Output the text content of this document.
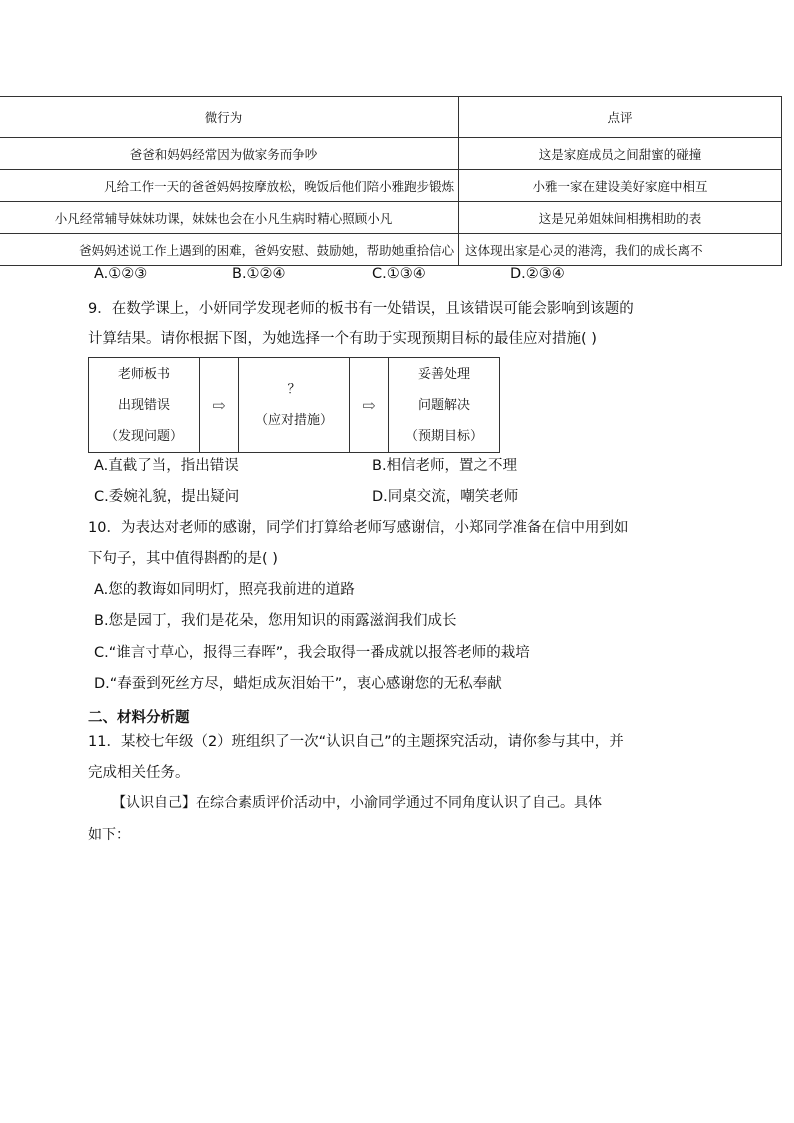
微行为	点评
爸爸和妈妈经常因为做家务而争吵	这是家庭成员之间甜蜜的碰撞
凡给工作一天的爸爸妈妈按摩放松，晚饭后他们陪小雅跑步锻炼	小雅一家在建设美好家庭中相互
小凡经常辅导妹妹功课，妹妹也会在小凡生病时精心照顾小凡	这是兄弟姐妹间相携相助的表
爸妈妈述说工作上遇到的困难，爸妈安慰、鼓励她，帮助她重拾信心	这体现出家是心灵的港湾，我们的成长离不
A.①②③	B.①②④	C.①③④	D.②③④
9．在数学课上，小妍同学发现老师的板书有一处错误，且该错误可能会影响到该题的
计算结果。请你根据下图，为她选择一个有助于实现预期目标的最佳应对措施( )
老师板书
出现错误
（发现问题）
	⇨	
？
（应对措施）
	⇨	
妥善处理
问题解决
（预期目标）
A.直截了当，指出错误	B.相信老师，置之不理
C.委婉礼貌，提出疑问	D.同桌交流，嘲笑老师
10．为表达对老师的感谢，同学们打算给老师写感谢信，小郑同学准备在信中用到如
下句子，其中值得斟酌的是( )
A.您的教诲如同明灯，照亮我前进的道路
B.您是园丁，我们是花朵，您用知识的雨露滋润我们成长
C.“谁言寸草心，报得三春晖”，我会取得一番成就以报答老师的栽培
D.“春蚕到死丝方尽，蜡炬成灰泪始干”，衷心感谢您的无私奉献
二、材料分析题
11．某校七年级（2）班组织了一次“认识自己”的主题探究活动，请你参与其中，并
完成相关任务。
【认识自己】在综合素质评价活动中，小渝同学通过不同角度认识了自己。具体
如下：
